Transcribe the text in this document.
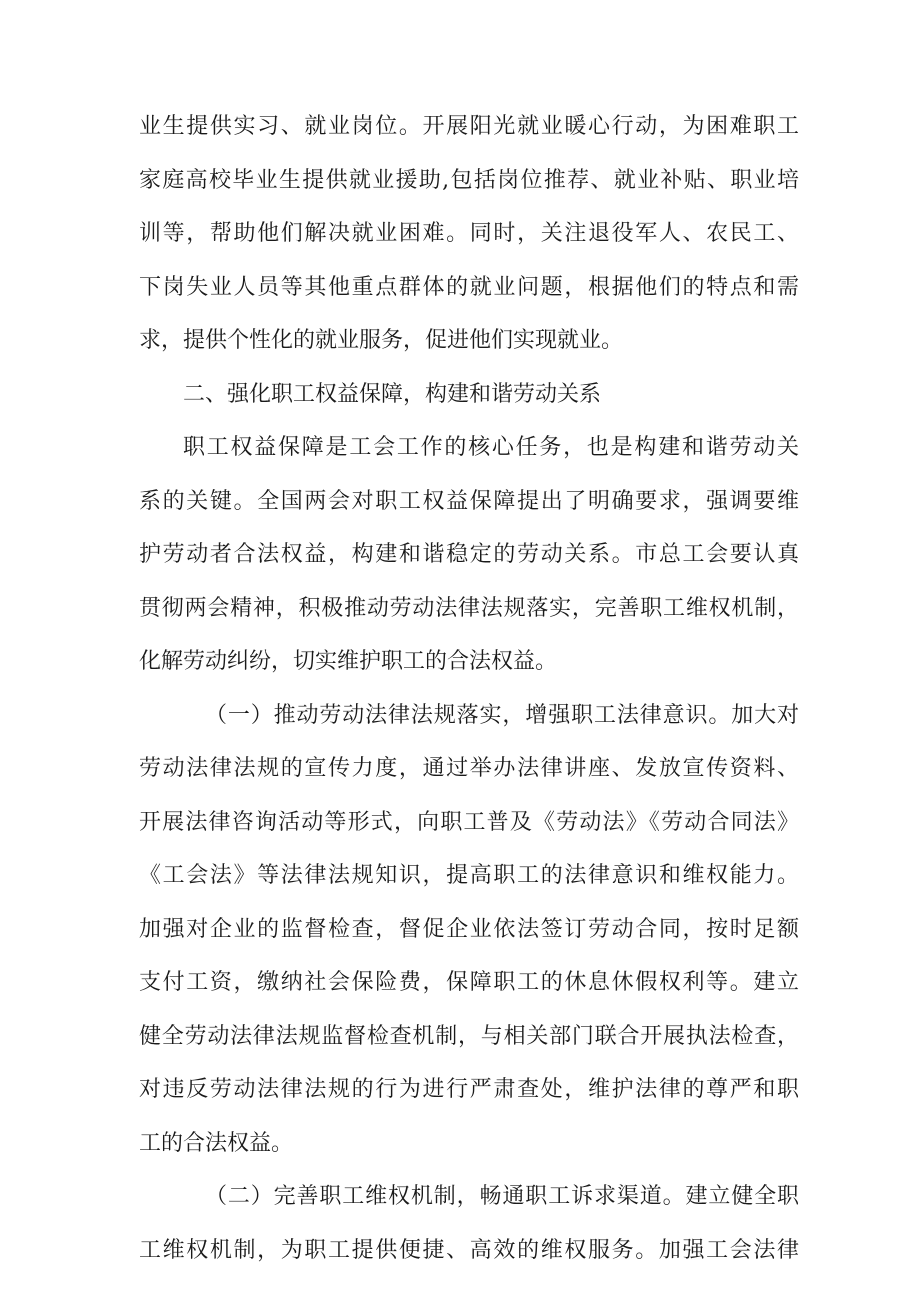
业生提供实习、就业岗位。开展阳光就业暖心行动，为困难职工
家庭高校毕业生提供就业援助,包括岗位推荐、就业补贴、职业培
训等，帮助他们解决就业困难。同时，关注退役军人、农民工、
下岗失业人员等其他重点群体的就业问题，根据他们的特点和需
求，提供个性化的就业服务，促进他们实现就业。
二、强化职工权益保障，构建和谐劳动关系
职工权益保障是工会工作的核心任务，也是构建和谐劳动关
系的关键。全国两会对职工权益保障提出了明确要求，强调要维
护劳动者合法权益，构建和谐稳定的劳动关系。市总工会要认真
贯彻两会精神，积极推动劳动法律法规落实，完善职工维权机制，
化解劳动纠纷，切实维护职工的合法权益。
（一）推动劳动法律法规落实，增强职工法律意识。加大对
劳动法律法规的宣传力度，通过举办法律讲座、发放宣传资料、
开展法律咨询活动等形式，向职工普及《劳动法》《劳动合同法》
《工会法》等法律法规知识，提高职工的法律意识和维权能力。
加强对企业的监督检查，督促企业依法签订劳动合同，按时足额
支付工资，缴纳社会保险费，保障职工的休息休假权利等。建立
健全劳动法律法规监督检查机制，与相关部门联合开展执法检查，
对违反劳动法律法规的行为进行严肃查处，维护法律的尊严和职
工的合法权益。
（二）完善职工维权机制，畅通职工诉求渠道。建立健全职
工维权机制，为职工提供便捷、高效的维权服务。加强工会法律
